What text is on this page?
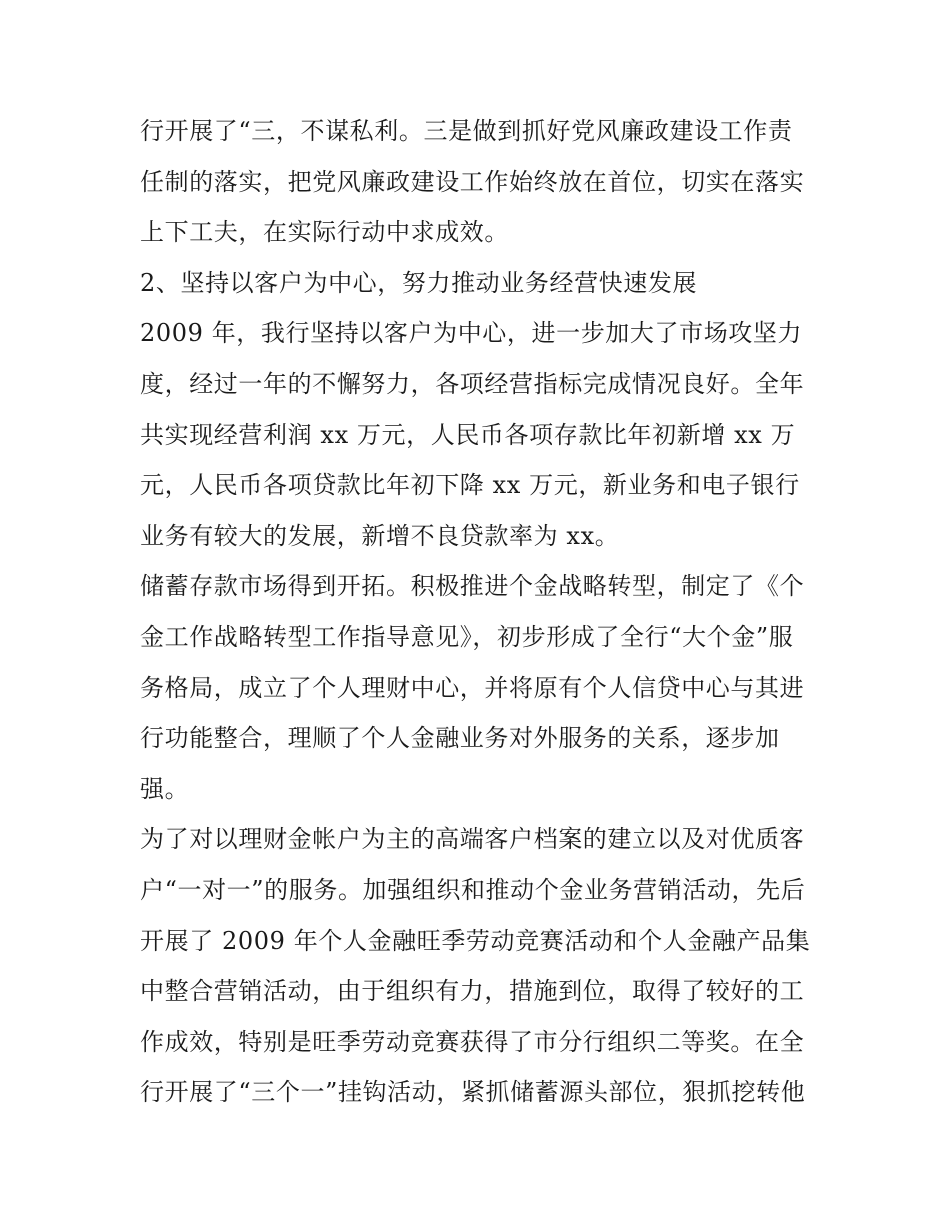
行开展了“三，不谋私利。三是做到抓好党风廉政建设工作责
任制的落实，把党风廉政建设工作始终放在首位，切实在落实
上下工夫，在实际行动中求成效。
2、坚持以客户为中心，努力推动业务经营快速发展
2009 年，我行坚持以客户为中心，进一步加大了市场攻坚力
度，经过一年的不懈努力，各项经营指标完成情况良好。全年
共实现经营利润 xx 万元，人民币各项存款比年初新增 xx 万
元，人民币各项贷款比年初下降 xx 万元，新业务和电子银行
业务有较大的发展，新增不良贷款率为 xx。
储蓄存款市场得到开拓。积极推进个金战略转型，制定了《个
金工作战略转型工作指导意见》，初步形成了全行“大个金”服
务格局，成立了个人理财中心，并将原有个人信贷中心与其进
行功能整合，理顺了个人金融业务对外服务的关系，逐步加
强。
为了对以理财金帐户为主的高端客户档案的建立以及对优质客
户“一对一”的服务。加强组织和推动个金业务营销活动，先后
开展了 2009 年个人金融旺季劳动竞赛活动和个人金融产品集
中整合营销活动，由于组织有力，措施到位，取得了较好的工
作成效，特别是旺季劳动竞赛获得了市分行组织二等奖。在全
行开展了“三个一”挂钩活动，紧抓储蓄源头部位，狠抓挖转他
